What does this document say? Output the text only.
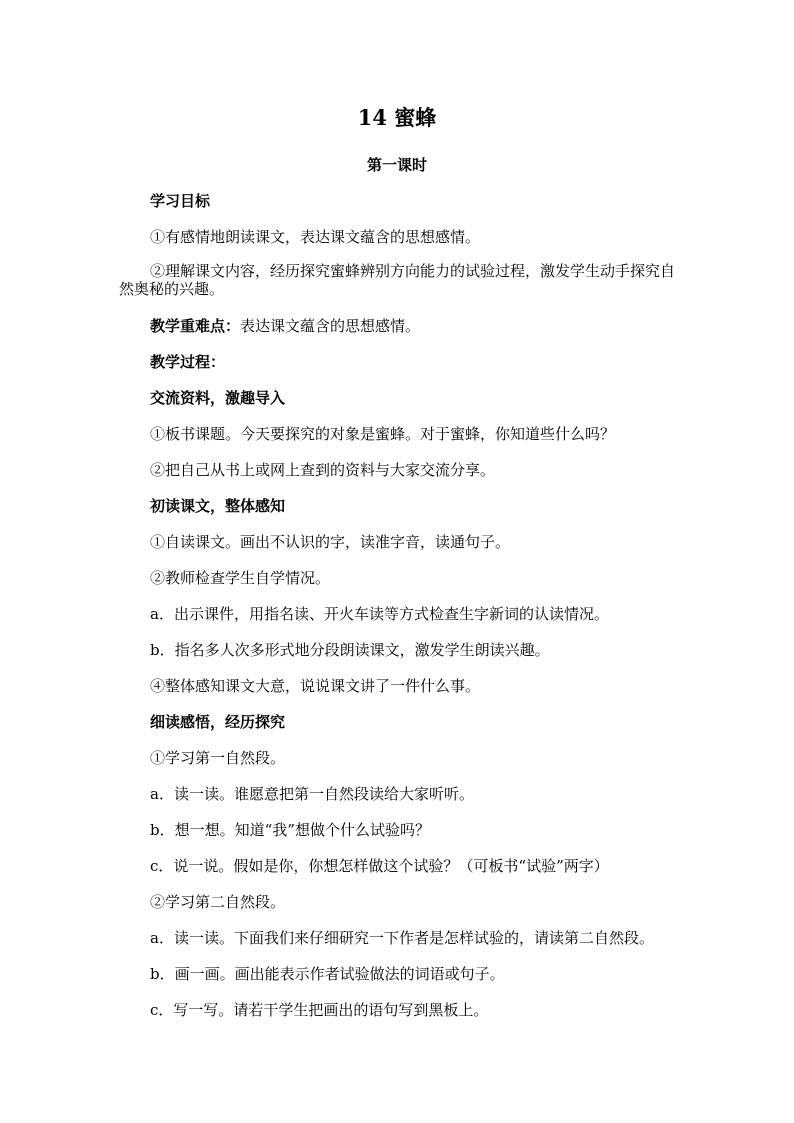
14 蜜蜂
第一课时
学习目标
①有感情地朗读课文，表达课文蕴含的思想感情。
②理解课文内容，经历探究蜜蜂辨别方向能力的试验过程，激发学生动手探究自然奥秘的兴趣。
教学重难点：表达课文蕴含的思想感情。
教学过程：
交流资料，激趣导入
①板书课题。今天要探究的对象是蜜蜂。对于蜜蜂，你知道些什么吗？
②把自己从书上或网上查到的资料与大家交流分享。
初读课文，整体感知
①自读课文。画出不认识的字，读准字音，读通句子。
②教师检查学生自学情况。
a．出示课件，用指名读、开火车读等方式检查生字新词的认读情况。
b．指名多人次多形式地分段朗读课文，激发学生朗读兴趣。
④整体感知课文大意，说说课文讲了一件什么事。
细读感悟，经历探究
①学习第一自然段。
a．读一读。谁愿意把第一自然段读给大家听听。
b．想一想。知道“我”想做个什么试验吗？
c．说一说。假如是你，你想怎样做这个试验？（可板书“试验”两字）
②学习第二自然段。
a．读一读。下面我们来仔细研究一下作者是怎样试验的，请读第二自然段。
b．画一画。画出能表示作者试验做法的词语或句子。
c．写一写。请若干学生把画出的语句写到黑板上。
